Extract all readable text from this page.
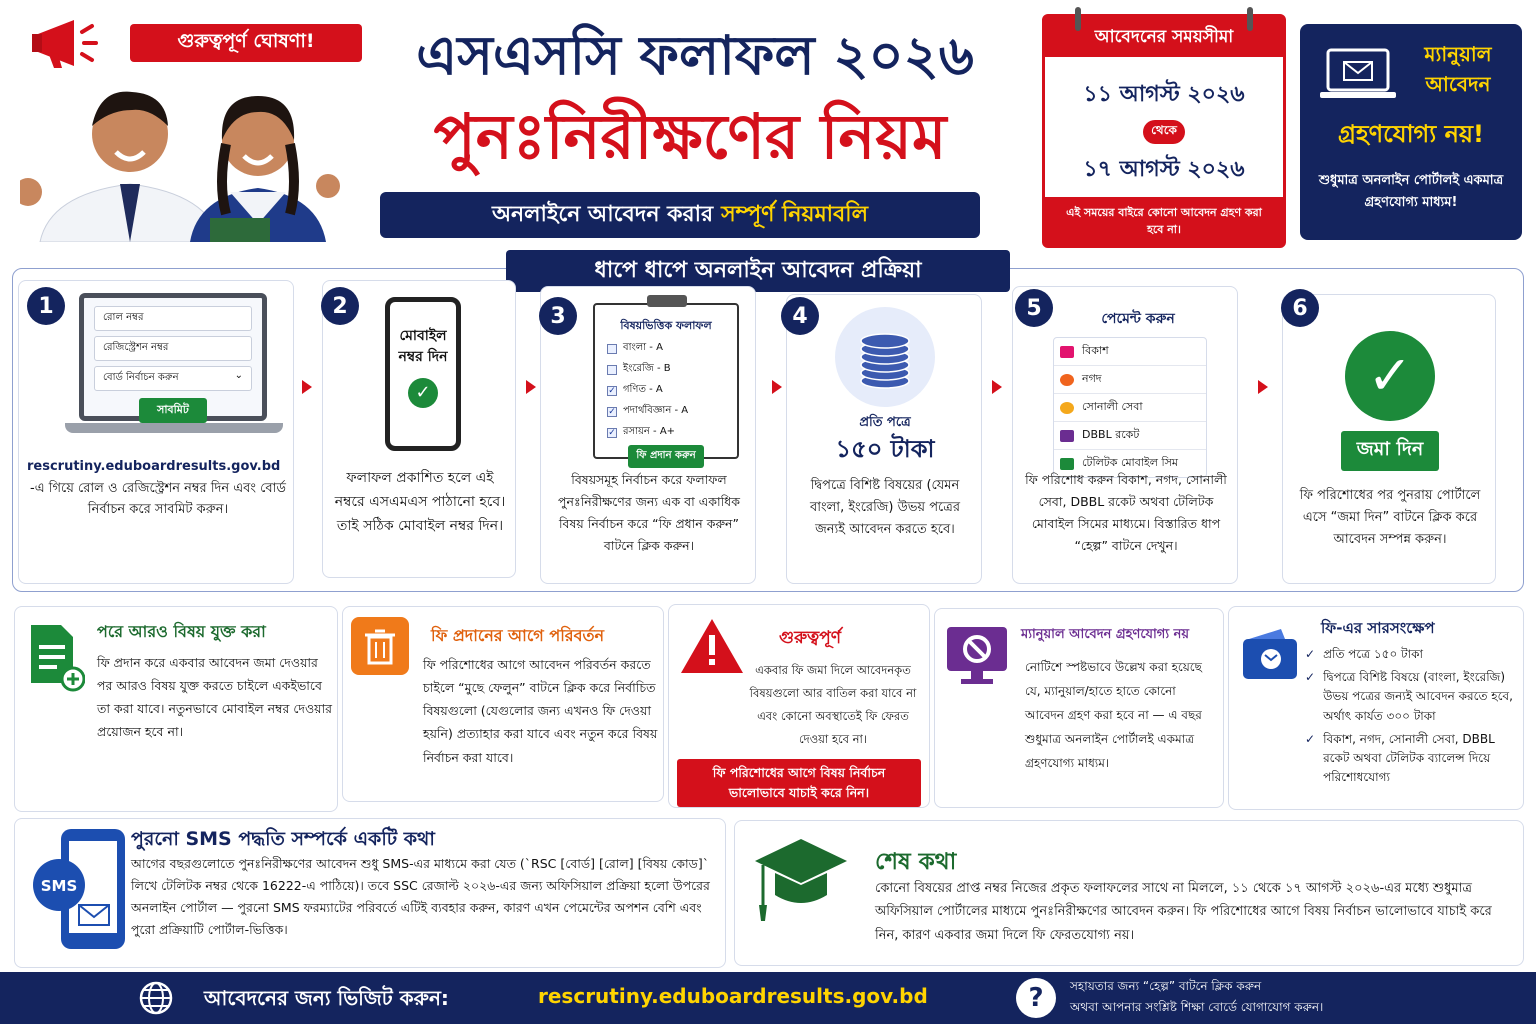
গুরুত্বপূর্ণ ঘোষণা!	এসএসসি ফলাফল ২০২৬
পুনঃনিরীক্ষণের নিয়ম
অনলাইনে আবেদন করার সম্পূর্ণ নিয়মাবলি
আবেদনের সময়সীমা
১১ আগস্ট ২০২৬
থেকে
১৭ আগস্ট ২০২৬
এই সময়ের বাইরে কোনো আবেদন গ্রহণ করা হবে না।
ম্যানুয়াল
আবেদন
গ্রহণযোগ্য নয়!
শুধুমাত্র অনলাইন পোর্টালই একমাত্র গ্রহণযোগ্য মাধ্যম!
ধাপে ধাপে অনলাইন আবেদন প্রক্রিয়া
1	রোল নম্বর
রেজিস্ট্রেশন নম্বর
বোর্ড নির্বাচন করুন	⌄
সাবমিট
rescrutiny.eduboardresults.gov.bd
-এ গিয়ে রোল ও রেজিস্ট্রেশন নম্বর দিন এবং বোর্ড নির্বাচন করে সাবমিট করুন।
2
মোবাইল নম্বর দিন
✓
ফলাফল প্রকাশিত হলে এই নম্বরে এসএমএস পাঠানো হবে। তাই সঠিক মোবাইল নম্বর দিন।
3	বিষয়ভিত্তিক ফলাফল
বাংলা - A
ইংরেজি - B
✓ গণিত - A
✓ পদার্থবিজ্ঞান - A
✓ রসায়ন - A+
ফি প্রদান করুন
বিষয়সমূহ নির্বাচন করে ফলাফল পুনঃনিরীক্ষণের জন্য এক বা একাধিক বিষয় নির্বাচন করে “ফি প্রধান করুন” বাটনে ক্লিক করুন।
4
প্রতি পত্রে
১৫০ টাকা
দ্বিপত্রে বিশিষ্ট বিষয়ের (যেমন বাংলা, ইংরেজি) উভয় পত্রের জন্যই আবেদন করতে হবে।
5	পেমেন্ট করুন
বিকাশ
নগদ
সোনালী সেবা
DBBL রকেট
টেলিটক মোবাইল সিম
ফি পরিশোধ করুন বিকাশ, নগদ, সোনালী সেবা, DBBL রকেট অথবা টেলিটক মোবাইল সিমের মাধ্যমে। বিস্তারিত ধাপ “হেল্প” বাটনে দেখুন।
6
✓
জমা দিন
ফি পরিশোধের পর পুনরায় পোর্টালে এসে “জমা দিন” বাটনে ক্লিক করে আবেদন সম্পন্ন করুন।
পরে আরও বিষয় যুক্ত করা
ফি প্রদান করে একবার আবেদন জমা দেওয়ার পর আরও বিষয় যুক্ত করতে চাইলে একইভাবে তা করা যাবে। নতুনভাবে মোবাইল নম্বর দেওয়ার প্রয়োজন হবে না।
ফি প্রদানের আগে পরিবর্তন
ফি পরিশোধের আগে আবেদন পরিবর্তন করতে চাইলে “মুছে ফেলুন” বাটনে ক্লিক করে নির্বাচিত বিষয়গুলো (যেগুলোর জন্য এখনও ফি দেওয়া হয়নি) প্রত্যাহার করা যাবে এবং নতুন করে বিষয় নির্বাচন করা যাবে।
গুরুত্বপূর্ণ
একবার ফি জমা দিলে আবেদনকৃত বিষয়গুলো আর বাতিল করা যাবে না এবং কোনো অবস্থাতেই ফি ফেরত দেওয়া হবে না।
ফি পরিশোধের আগে বিষয় নির্বাচন ভালোভাবে যাচাই করে নিন।
ম্যানুয়াল আবেদন গ্রহণযোগ্য নয়
নোটিশে স্পষ্টভাবে উল্লেখ করা হয়েছে যে, ম্যানুয়াল/হাতে হাতে কোনো আবেদন গ্রহণ করা হবে না — এ বছর শুধুমাত্র অনলাইন পোর্টালই একমাত্র গ্রহণযোগ্য মাধ্যম।
ফি-এর সারসংক্ষেপ
✓ প্রতি পত্রে ১৫০ টাকা
✓ দ্বিপত্রে বিশিষ্ট বিষয়ে (বাংলা, ইংরেজি) উভয় পত্রের জন্যই আবেদন করতে হবে, অর্থাৎ কার্যত ৩০০ টাকা
✓ বিকাশ, নগদ, সোনালী সেবা, DBBL রকেট অথবা টেলিটক ব্যালেন্স দিয়ে পরিশোধযোগ্য
SMS
পুরনো SMS পদ্ধতি সম্পর্কে একটি কথা
আগের বছরগুলোতে পুনঃনিরীক্ষণের আবেদন শুধু SMS-এর মাধ্যমে করা যেত (`RSC [বোর্ড] [রোল] [বিষয় কোড]` লিখে টেলিটক নম্বর থেকে 16222-এ পাঠিয়ে)। তবে SSC রেজাল্ট ২০২৬-এর জন্য অফিসিয়াল প্রক্রিয়া হলো উপরের অনলাইন পোর্টাল — পুরনো SMS ফরম্যাটের পরিবর্তে এটিই ব্যবহার করুন, কারণ এখন পেমেন্টের অপশন বেশি এবং পুরো প্রক্রিয়াটি পোর্টাল-ভিত্তিক।
শেষ কথা
কোনো বিষয়ের প্রাপ্ত নম্বর নিজের প্রকৃত ফলাফলের সাথে না মিললে, ১১ থেকে ১৭ আগস্ট ২০২৬-এর মধ্যে শুধুমাত্র অফিসিয়াল পোর্টালের মাধ্যমে পুনঃনিরীক্ষণের আবেদন করুন। ফি পরিশোধের আগে বিষয় নির্বাচন ভালোভাবে যাচাই করে নিন, কারণ একবার জমা দিলে ফি ফেরতযোগ্য নয়।
আবেদনের জন্য ভিজিট করুন:	rescrutiny.eduboardresults.gov.bd	?	সহায়তার জন্য “হেল্প” বাটনে ক্লিক করুন
অথবা আপনার সংশ্লিষ্ট শিক্ষা বোর্ডে যোগাযোগ করুন।
